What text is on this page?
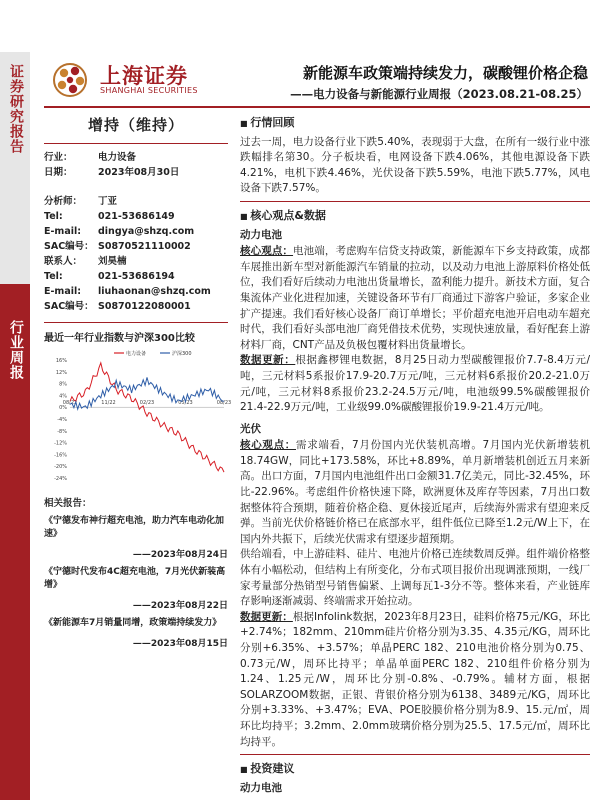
证券研究报告
行业周报
上海证券
SHANGHAI SECURITIES
新能源车政策端持续发力，碳酸锂价格企稳
——电力设备与新能源行业周报（2023.08.21-08.25）
增持（维持）
行业：	电力设备
日期：	2023年08月30日
分析师：	丁亚
Tel:	021-53686149
E-mail:	dingya@shzq.com
SAC编号： S0870521110002
联系人：	刘昊楠
Tel:	021-53686194
E-mail:	liuhaonan@shzq.com
SAC编号： S0870122080001
最近一年行业指数与沪深300比较
16%
12%
8%
4%
0%
-4%
-8%
-12%
-16%
-20%
-24%
08/22	11/22	02/23	05/23	08/23
电力设备	沪深300
相关报告：
《宁德发布神行超充电池，助力汽车电动化加速》
——2023年08月24日
《宁德时代发布4C超充电池，7月光伏新装高增》
——2023年08月22日
《新能源车7月销量同增，政策端持续发力》
——2023年08月15日
■ 行情回顾

过去一周，电力设备行业下跌5.40%，表现弱于大盘，在所有一级行业中涨跌幅排名第30。分子板块看，电网设备下跌4.06%，其他电源设备下跌4.21%，电机下跌4.46%，光伏设备下跌5.59%，电池下跌5.77%，风电设备下跌7.57%。

■ 核心观点&数据
动力电池

核心观点：电池端，考虑购车信贷支持政策，新能源车下乡支持政策，成都车展推出新车型对新能源汽车销量的拉动，以及动力电池上游原料价格处低位，我们看好后续动力电池出货量增长，盈利能力提升。新技术方面，复合集流体产业化进程加速，关键设备环节有厂商通过下游客户验证，多家企业扩产提速。我们看好核心设备厂商订单增长；平价超充电池开启电动车超充时代，我们看好头部电池厂商凭借技术优势，实现快速放量，看好配套上游材料厂商，CNT产品及负极包覆材料出货量增长。

数据更新：根据鑫椤锂电数据，8月25日动力型碳酸锂报价7.7-8.4万元/吨，三元材料5系报价17.9-20.7万元/吨，三元材料6系报价20.2-21.0万元/吨，三元材料8系报价23.2-24.5万元/吨，电池级99.5%碳酸锂报价21.4-22.9万元/吨，工业级99.0%碳酸锂报价19.9-21.4万元/吨。

光伏

核心观点：需求端看，7月份国内光伏装机高增。7月国内光伏新增装机18.74GW，同比+173.58%，环比+8.89%，单月新增装机创近五月来新高。出口方面，7月国内电池组件出口金额31.7亿美元，同比-32.45%，环比-22.96%。考虑组件价格快速下降，欧洲夏休及库存等因素，7月出口数据整体符合预期，随着价格企稳、夏休接近尾声，后续海外需求有望迎来反弹。当前光伏价格链价格已在底部水平，组件低位已降至1.2元/W上下，在国内外共振下，后续光伏需求有望逐步超预期。

供给端看，中上游硅料、硅片、电池片价格已连续数周反弹。组件端价格整体有小幅松动，但结构上有所变化，分布式项目报价出现调涨预期，一线厂家考量部分热销型号销售偏紧、上调每瓦1-3分不等。整体来看，产业链库存影响逐渐减弱、终端需求开始拉动。

数据更新：根据Infolink数据，2023年8月23日，硅料价格75元/KG，环比+2.74%；182mm、210mm硅片价格分别为3.35、4.35元/KG，周环比分别+6.35%、+3.57%；单晶PERC 182、210电池价格分别为0.75、0.73元/W，周环比持平；单晶单面PERC 182、210组件价格分别为1.24、1.25元/W，周环比分别-0.8%、-0.79%。辅材方面，根据SOLARZOOM数据，正银、背银价格分别为6138、3489元/KG，周环比分别+3.33%、+3.47%；EVA、POE胶膜价格分别为8.9、15.元/㎡，周环比均持平；3.2mm、2.0mm玻璃价格分别为25.5、17.5元/㎡，周环比均持平。

■ 投资建议
动力电池
